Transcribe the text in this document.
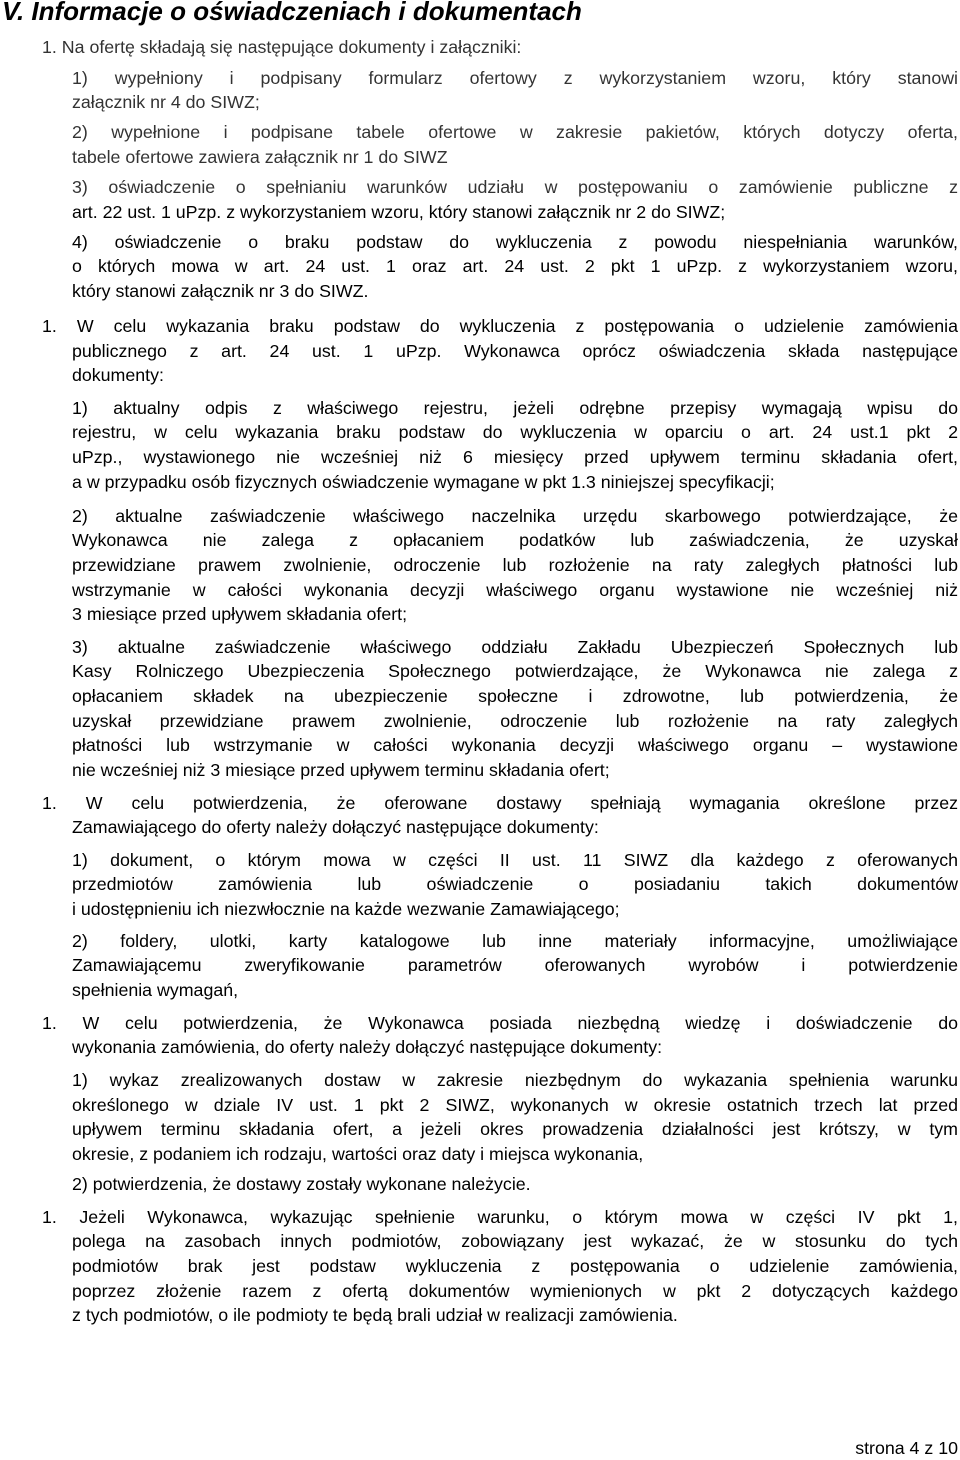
V. Informacje o oświadczeniach i dokumentach
1. Na ofertę składają się następujące dokumenty i załączniki:
1) wypełniony i podpisany formularz ofertowy z wykorzystaniem wzoru, który stanowi
załącznik nr 4 do SIWZ;
2) wypełnione i podpisane tabele ofertowe w zakresie pakietów, których dotyczy oferta,
tabele ofertowe zawiera załącznik nr 1 do SIWZ
3) oświadczenie o spełnianiu warunków udziału w postępowaniu o zamówienie publiczne z
art. 22 ust. 1 uPzp. z wykorzystaniem wzoru, który stanowi załącznik nr 2 do SIWZ;
4) oświadczenie o braku podstaw do wykluczenia z powodu niespełniania warunków,
o których mowa w art. 24 ust. 1 oraz art. 24 ust. 2 pkt 1 uPzp. z wykorzystaniem wzoru,
który stanowi załącznik nr 3 do SIWZ.
1. W celu wykazania braku podstaw do wykluczenia z postępowania o udzielenie zamówienia
publicznego z art. 24 ust. 1 uPzp. Wykonawca oprócz oświadczenia składa następujące
dokumenty:
1) aktualny odpis z właściwego rejestru, jeżeli odrębne przepisy wymagają wpisu do
rejestru, w celu wykazania braku podstaw do wykluczenia w oparciu o art. 24 ust.1 pkt 2
uPzp., wystawionego nie wcześniej niż 6 miesięcy przed upływem terminu składania ofert,
a w przypadku osób fizycznych oświadczenie wymagane w pkt 1.3 niniejszej specyfikacji;
2) aktualne zaświadczenie właściwego naczelnika urzędu skarbowego potwierdzające, że
Wykonawca nie zalega z opłacaniem podatków lub zaświadczenia, że uzyskał
przewidziane prawem zwolnienie, odroczenie lub rozłożenie na raty zaległych płatności lub
wstrzymanie w całości wykonania decyzji właściwego organu wystawione nie wcześniej niż
3 miesiące przed upływem składania ofert;
3) aktualne zaświadczenie właściwego oddziału Zakładu Ubezpieczeń Społecznych lub
Kasy Rolniczego Ubezpieczenia Społecznego potwierdzające, że Wykonawca nie zalega z
opłacaniem składek na ubezpieczenie społeczne i zdrowotne, lub potwierdzenia, że
uzyskał przewidziane prawem zwolnienie, odroczenie lub rozłożenie na raty zaległych
płatności lub wstrzymanie w całości wykonania decyzji właściwego organu – wystawione
nie wcześniej niż 3 miesiące przed upływem terminu składania ofert;
1. W celu potwierdzenia, że oferowane dostawy spełniają wymagania określone przez
Zamawiającego do oferty należy dołączyć następujące dokumenty:
1) dokument, o którym mowa w części II ust. 11 SIWZ dla każdego z oferowanych
przedmiotów zamówienia lub oświadczenie o posiadaniu takich dokumentów
i udostępnieniu ich niezwłocznie na każde wezwanie Zamawiającego;
2) foldery, ulotki, karty katalogowe lub inne materiały informacyjne, umożliwiające
Zamawiającemu zweryfikowanie parametrów oferowanych wyrobów i potwierdzenie
spełnienia wymagań,
1. W celu potwierdzenia, że Wykonawca posiada niezbędną wiedzę i doświadczenie do
wykonania zamówienia, do oferty należy dołączyć następujące dokumenty:
1) wykaz zrealizowanych dostaw w zakresie niezbędnym do wykazania spełnienia warunku
określonego w dziale IV ust. 1 pkt 2 SIWZ, wykonanych w okresie ostatnich trzech lat przed
upływem terminu składania ofert, a jeżeli okres prowadzenia działalności jest krótszy, w tym
okresie, z podaniem ich rodzaju, wartości oraz daty i miejsca wykonania,
2) potwierdzenia, że dostawy zostały wykonane należycie.
1. Jeżeli Wykonawca, wykazując spełnienie warunku, o którym mowa w części IV pkt 1,
polega na zasobach innych podmiotów, zobowiązany jest wykazać, że w stosunku do tych
podmiotów brak jest podstaw wykluczenia z postępowania o udzielenie zamówienia,
poprzez złożenie razem z ofertą dokumentów wymienionych w pkt 2 dotyczących każdego
z tych podmiotów, o ile podmioty te będą brali udział w realizacji zamówienia.
strona 4 z 10
